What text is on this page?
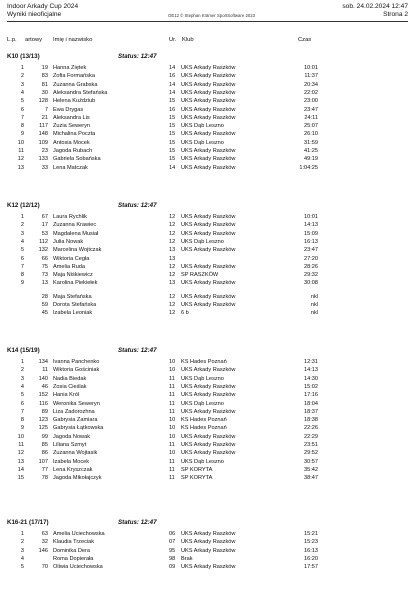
Indoor Arkady Cup 2024
Wyniki nieoficjalne	OE12 © Stephan Krämer SportSoftware 2023
sob. 24.02.2024 12:47
Strona 2
L.p. artowy Imię i nazwisko	Ur. Klub	Czas
K10 (13/13)	Status: 12:47
1	19 Hanna Ziętek	14 UKS Arkady Raszków	10:01
2	83 Zofia Formańska	16 UKS Arkady Raszków	11:37
3	81 Zuzanna Grabska	14 UKS Arkady Raszków	20:34
4	30 Aleksandra Stefańska	14 UKS Arkady Raszków	22:02
5	128 Helena Kuździub	15 UKS Arkady Raszków	23:00
6	7 Ewa Drygas	16 UKS Arkady Raszków	23:47
7	21 Aleksandra Lis	15 UKS Arkady Raszków	24:11
8	117 Zuzia Seweryn	15 UKS Dąb Leszno	25:07
9	148 Michalina Poczta	15 UKS Arkady Raszków	26:10
10	109 Antosia Mocek	15 UKS Dąb Leszno	31:59
11	23 Jagoda Rubach	15 UKS Arkady Raszków	41:25
12	133 Gabriela Sobańska	15 UKS Arkady Raszków	49:19
13	33 Lena Matczak	14 UKS Arkady Raszków	1:04:25
K12 (12/12)	Status: 12:47
1	67 Laura Rychlik	12 UKS Arkady Raszków	10:01
2	17 Zuzanna Krawiec	12 UKS Arkady Raszków	14:13
3	53 Magdalena Musiał	12 UKS Arkady Raszków	15:09
4	112 Julia Nowak	12 UKS Dąb Leszno	16:13
5	132 Marcelina Wojtczak	13 UKS Arkady Raszków	23:47
6	66 Wiktoria Cegła	13	27:20
7	75 Amelia Ruda	12 UKS Arkady Raszków	28:26
8	73 Maja Niśkiewicz	12 SP RASZKÓW	29:32
9	13 Karolina Piekiełek	13 UKS Arkady Raszków	30:08
28 Maja Stefańska	12 UKS Arkady Raszków	nkl
59 Dorota Stefańska	12 UKS Arkady Raszków	nkl
45 Izabela Leoniak	12 6 b	nkl
K14 (15/19)	Status: 12:47
1	134 Ivanna Panchenko	10 KS Hades Poznań	12:31
2	11 Wiktoria Gościniak	10 UKS Arkady Raszków	14:13
3	140 Nadia Biedak	11 UKS Dąb Leszno	14:30
4	46 Zosia Cieślak	11 UKS Arkady Raszków	15:02
5	152 Hania Król	11 UKS Arkady Raszków	17:16
6	116 Weronika Seweryn	11 UKS Dąb Leszno	18:04
7	89 Liza Zadorozhna	11 UKS Arkady Raszków	18:37
8	123 Gabrysia Zamiara	10 KS Hades Poznań	18:38
9	125 Gabrysia Łątkowska	10 KS Hades Poznań	22:26
10	99 Jagoda Nowak	10 UKS Arkady Raszków	22:29
11	85 Liliana Szmyt	11 UKS Arkady Raszków	23:51
12	86 Zuzanna Wojtasik	10 UKS Arkady Raszków	29:52
13	107 Izabela Mocek	11 UKS Dąb Leszno	30:57
14	77 Lena Kryszczak	11 SP KORYTA	35:42
15	78 Jagoda Mikołajczyk	11 SP KORYTA	38:47
K16-21 (17/17)	Status: 12:47
1	63 Amelia Uciechowska	06 UKS Arkady Raszków	15:21
2	32 Klaudia Trzeciak	07 UKS Arkady Raszków	15:23
3	146 Dominika Dera	95 UKS Arkady Raszków	16:13
4	Roma Dopierała	98 Brak	16:20
5	70 Oliwia Uciechowska	09 UKS Arkady Raszków	17:57
